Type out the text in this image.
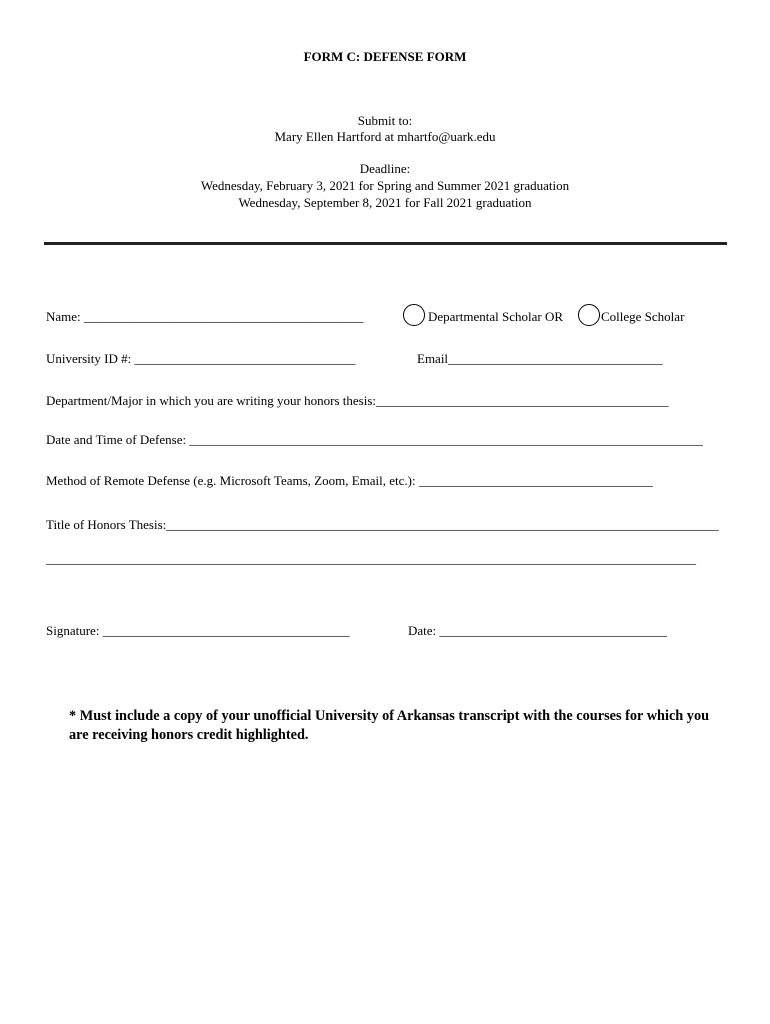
FORM C: DEFENSE FORM
Submit to:
Mary Ellen Hartford at mhartfo@uark.edu
Deadline:
Wednesday, February 3, 2021 for Spring and Summer 2021 graduation
Wednesday, September 8, 2021 for Fall 2021 graduation
Name: ___________________________________________	Departmental Scholar OR	College Scholar
University ID #: __________________________________	Email_________________________________
Department/Major in which you are writing your honors thesis:_____________________________________________
Date and Time of Defense: _______________________________________________________________________________
Method of Remote Defense (e.g. Microsoft Teams, Zoom, Email, etc.): ____________________________________
Title of Honors Thesis:_____________________________________________________________________________________
____________________________________________________________________________________________________
Signature: ______________________________________	Date: ___________________________________
* Must include a copy of your unofficial University of Arkansas transcript with the courses for which you are receiving honors credit highlighted.
